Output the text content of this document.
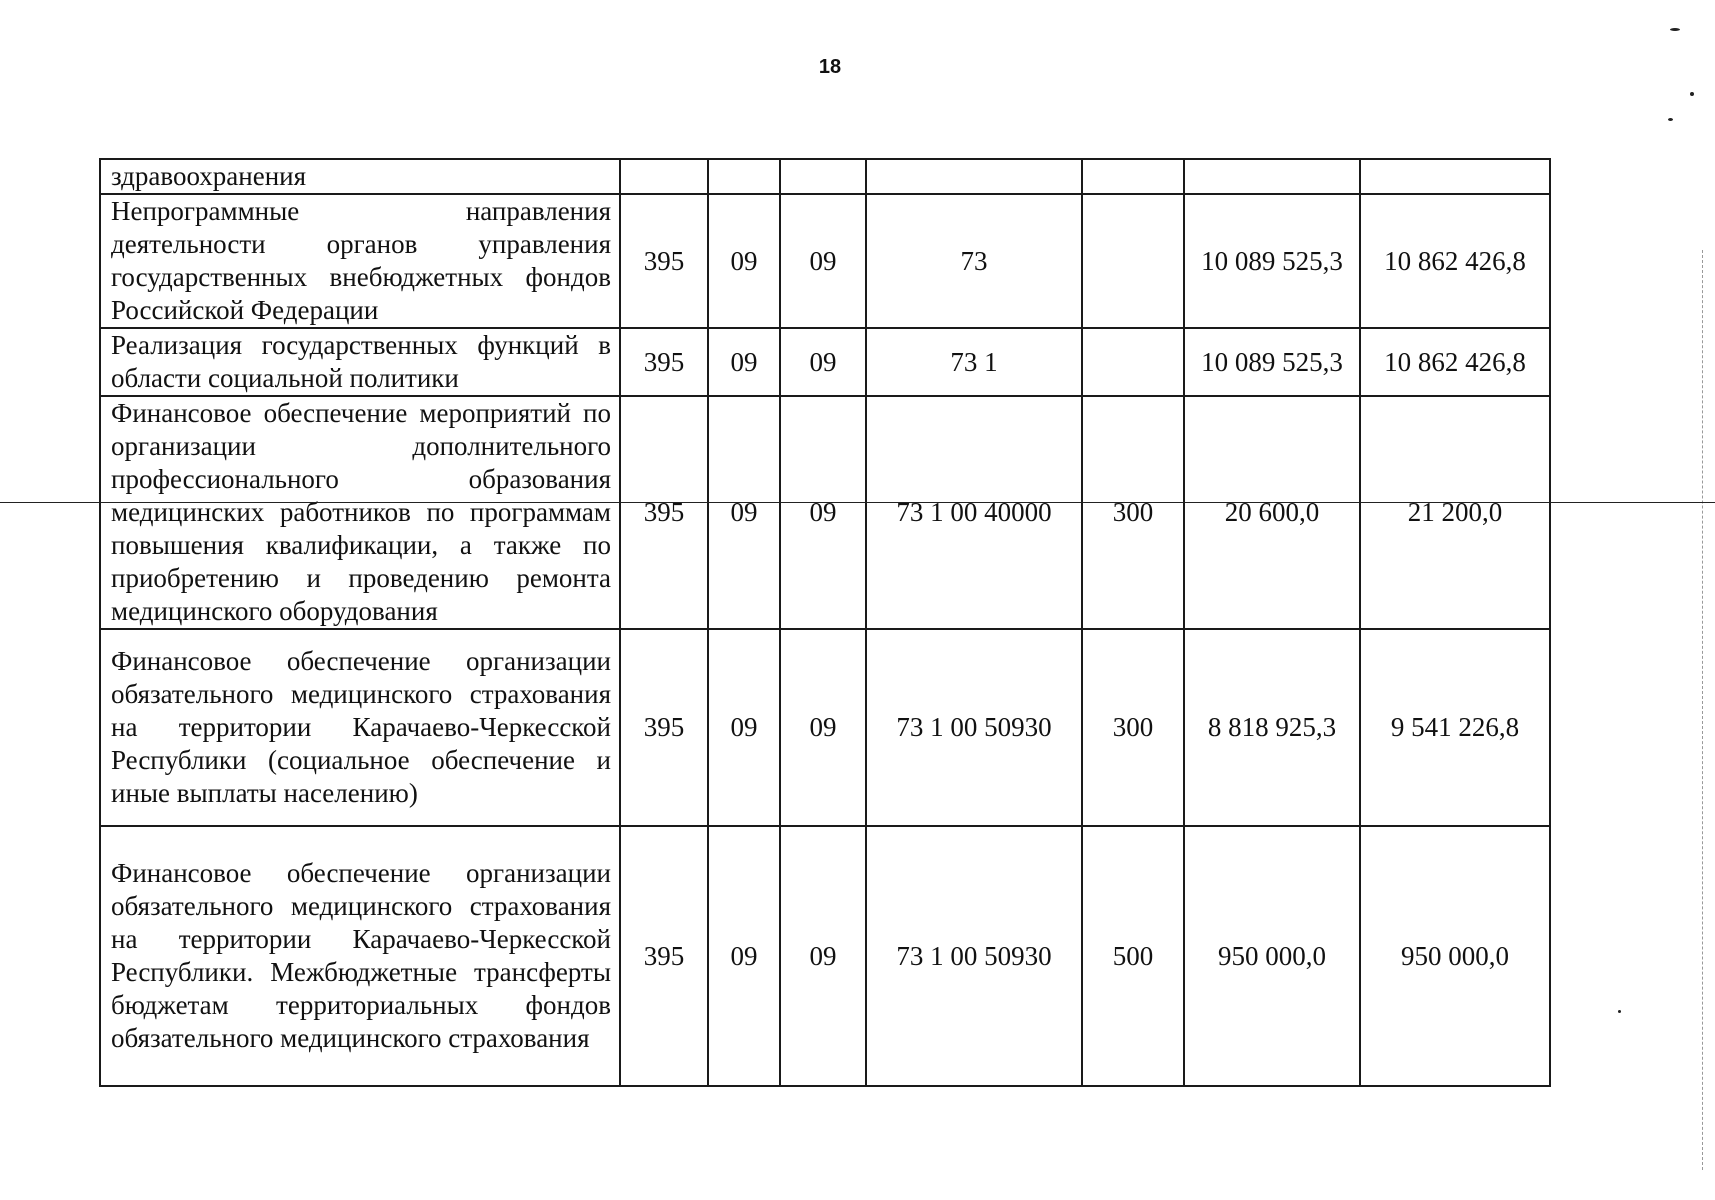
18
здравоохранения							
Непрограммные направления деятельности органов управления государственных внебюджетных фондов Российской Федерации	395	09	09	73		10 089 525,3	10 862 426,8
Реализация государственных функций в области социальной политики	395	09	09	73 1		10 089 525,3	10 862 426,8
Финансовое обеспечение мероприятий по организации дополнительного профессионального образования медицинских работников по программам повышения квалификации, а также по приобретению и проведению ремонта медицинского оборудования	395	09	09	73 1 00 40000	300	20 600,0	21 200,0
Финансовое обеспечение организации обязательного медицинского страхования на территории Карачаево-Черкесской Республики (социальное обеспечение и иные выплаты населению)	395	09	09	73 1 00 50930	300	8 818 925,3	9 541 226,8
Финансовое обеспечение организации обязательного медицинского страхования на территории Карачаево-Черкесской Республики. Межбюджетные трансферты бюджетам территориальных фондов обязательного медицинского страхования	395	09	09	73 1 00 50930	500	950 000,0	950 000,0
